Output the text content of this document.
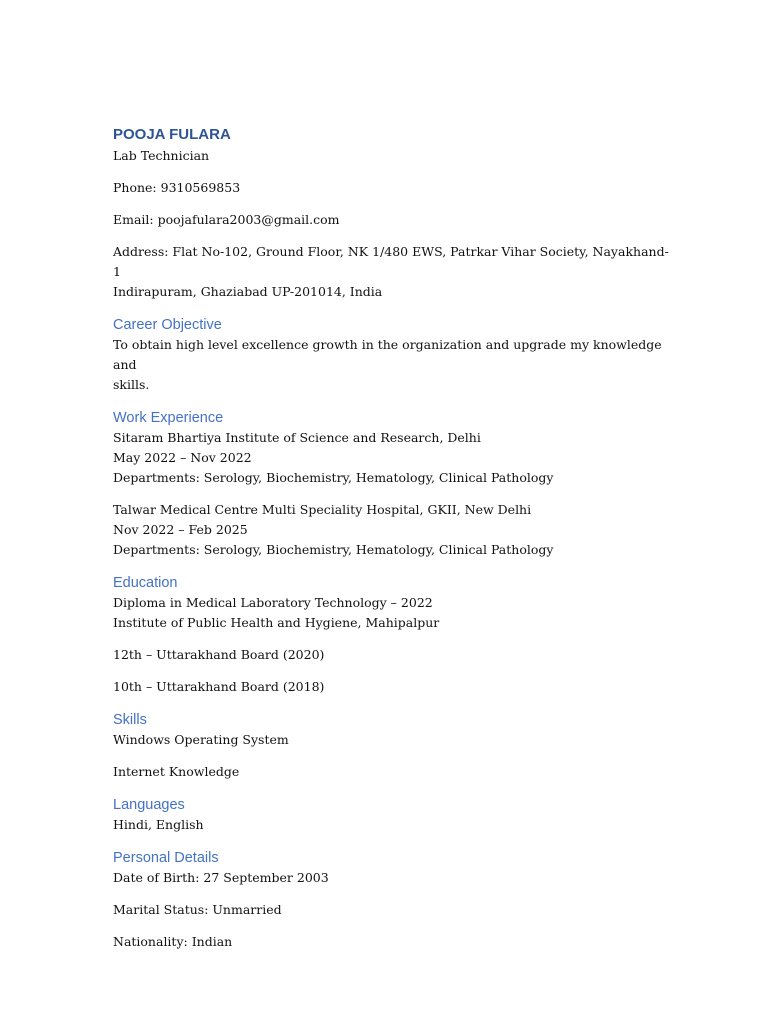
POOJA FULARA

Lab Technician

Phone: 9310569853

Email: poojafulara2003@gmail.com

Address: Flat No-102, Ground Floor, NK 1/480 EWS, Patrkar Vihar Society, Nayakhand-1

Indirapuram, Ghaziabad UP-201014, India

Career Objective

To obtain high level excellence growth in the organization and upgrade my knowledge and

skills.

Work Experience

Sitaram Bhartiya Institute of Science and Research, Delhi

May 2022 – Nov 2022

Departments: Serology, Biochemistry, Hematology, Clinical Pathology

Talwar Medical Centre Multi Speciality Hospital, GKII, New Delhi

Nov 2022 – Feb 2025

Departments: Serology, Biochemistry, Hematology, Clinical Pathology

Education

Diploma in Medical Laboratory Technology – 2022

Institute of Public Health and Hygiene, Mahipalpur

12th – Uttarakhand Board (2020)

10th – Uttarakhand Board (2018)

Skills

Windows Operating System

Internet Knowledge

Languages

Hindi, English

Personal Details

Date of Birth: 27 September 2003

Marital Status: Unmarried

Nationality: Indian
